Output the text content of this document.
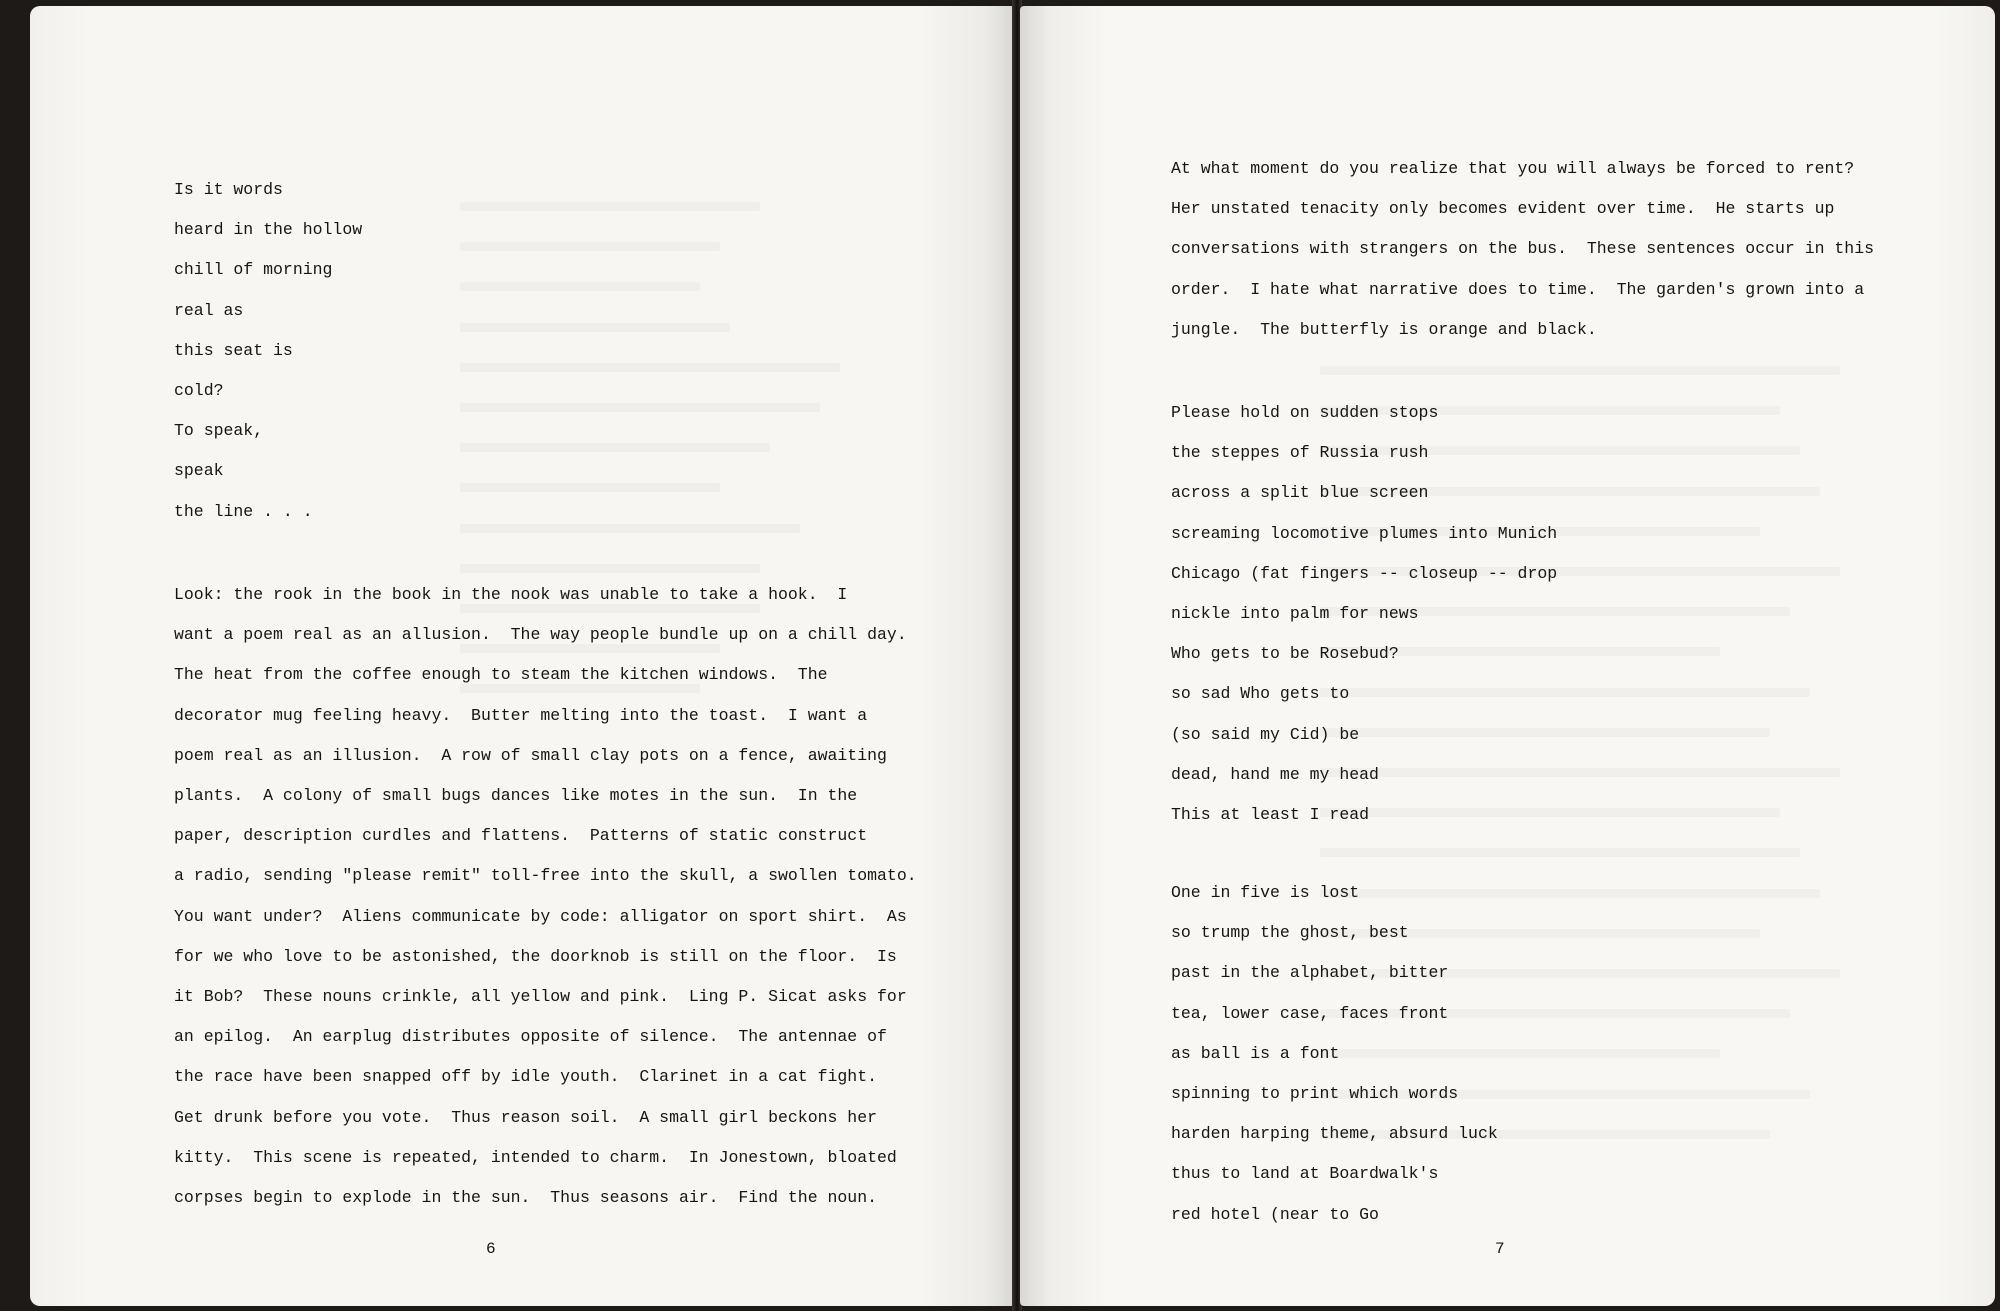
Is it words
heard in the hollow
chill of morning
real as
this seat is
cold?
To speak,
speak
the line . . .
Look: the rook in the book in the nook was unable to take a hook.  I
want a poem real as an allusion.  The way people bundle up on a chill day.
The heat from the coffee enough to steam the kitchen windows.  The
decorator mug feeling heavy.  Butter melting into the toast.  I want a
poem real as an illusion.  A row of small clay pots on a fence, awaiting
plants.  A colony of small bugs dances like motes in the sun.  In the
paper, description curdles and flattens.  Patterns of static construct
a radio, sending "please remit" toll-free into the skull, a swollen tomato.
You want under?  Aliens communicate by code: alligator on sport shirt.  As
for we who love to be astonished, the doorknob is still on the floor.  Is
it Bob?  These nouns crinkle, all yellow and pink.  Ling P. Sicat asks for
an epilog.  An earplug distributes opposite of silence.  The antennae of
the race have been snapped off by idle youth.  Clarinet in a cat fight.
Get drunk before you vote.  Thus reason soil.  A small girl beckons her
kitty.  This scene is repeated, intended to charm.  In Jonestown, bloated
corpses begin to explode in the sun.  Thus seasons air.  Find the noun.
6
At what moment do you realize that you will always be forced to rent?
Her unstated tenacity only becomes evident over time.  He starts up
conversations with strangers on the bus.  These sentences occur in this
order.  I hate what narrative does to time.  The garden's grown into a
jungle.  The butterfly is orange and black.
Please hold on sudden stops
the steppes of Russia rush
across a split blue screen
screaming locomotive plumes into Munich
Chicago (fat fingers -- closeup -- drop
nickle into palm for news
Who gets to be Rosebud?
so sad Who gets to
(so said my Cid) be
dead, hand me my head
This at least I read
One in five is lost
so trump the ghost, best
past in the alphabet, bitter
tea, lower case, faces front
as ball is a font
spinning to print which words
harden harping theme, absurd luck
thus to land at Boardwalk's
red hotel (near to Go
7
